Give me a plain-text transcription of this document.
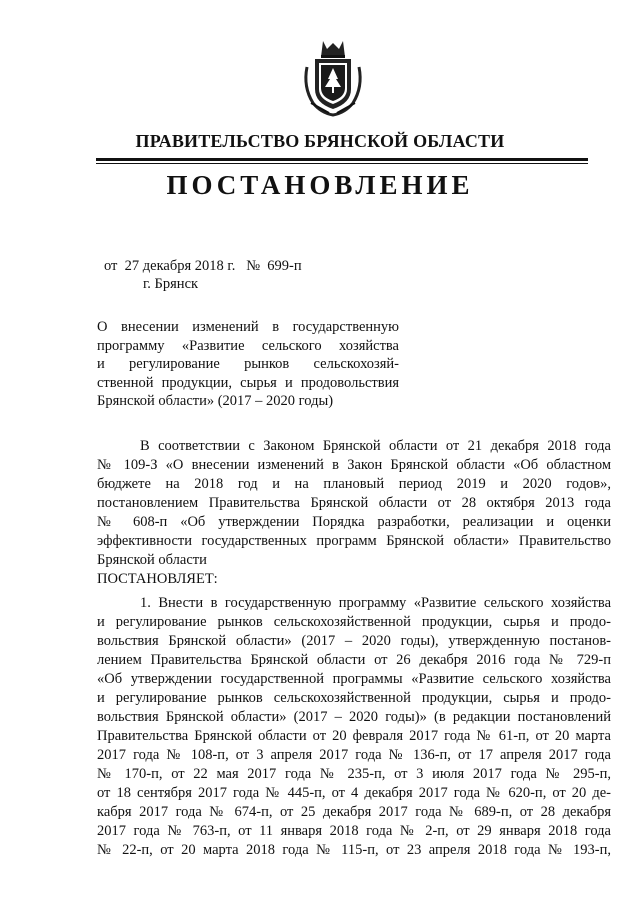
ПРАВИТЕЛЬСТВО БРЯНСКОЙ ОБЛАСТИ
ПОСТАНОВЛЕНИЕ
от  27 декабря 2018 г.   №  699-п
г. Брянск
О внесении изменений в государственную
программу «Развитие сельского хозяйства
и регулирование рынков сельскохозяй-
ственной продукции, сырья и продовольствия
Брянской области» (2017 – 2020 годы)
В соответствии с Законом Брянской области от 21 декабря 2018 года
№ 109-З «О внесении изменений в Закон Брянской области «Об областном
бюджете на 2018 год и на плановый период 2019 и 2020 годов»,
постановлением Правительства Брянской области от 28 октября 2013 года
№ 608-п «Об утверждении Порядка разработки, реализации и оценки
эффективности государственных программ Брянской области» Правительство
Брянской области
ПОСТАНОВЛЯЕТ:
1. Внести в государственную программу «Развитие сельского хозяйства
и регулирование рынков сельскохозяйственной продукции, сырья и продо-
вольствия Брянской области» (2017 – 2020 годы), утвержденную постанов-
лением Правительства Брянской области от 26 декабря 2016 года № 729-п
«Об утверждении государственной программы «Развитие сельского хозяйства
и регулирование рынков сельскохозяйственной продукции, сырья и продо-
вольствия Брянской области» (2017 – 2020 годы)» (в редакции постановлений
Правительства Брянской области от 20 февраля 2017 года № 61-п, от 20 марта
2017 года № 108-п, от 3 апреля 2017 года № 136-п, от 17 апреля 2017 года
№ 170-п, от 22 мая 2017 года № 235-п, от 3 июля 2017 года № 295-п,
от 18 сентября 2017 года № 445-п, от 4 декабря 2017 года № 620-п, от 20 де-
кабря 2017 года № 674-п, от 25 декабря 2017 года № 689-п, от 28 декабря
2017 года № 763-п, от 11 января 2018 года № 2-п, от 29 января 2018 года
№ 22-п, от 20 марта 2018 года № 115-п, от 23 апреля 2018 года № 193-п,
